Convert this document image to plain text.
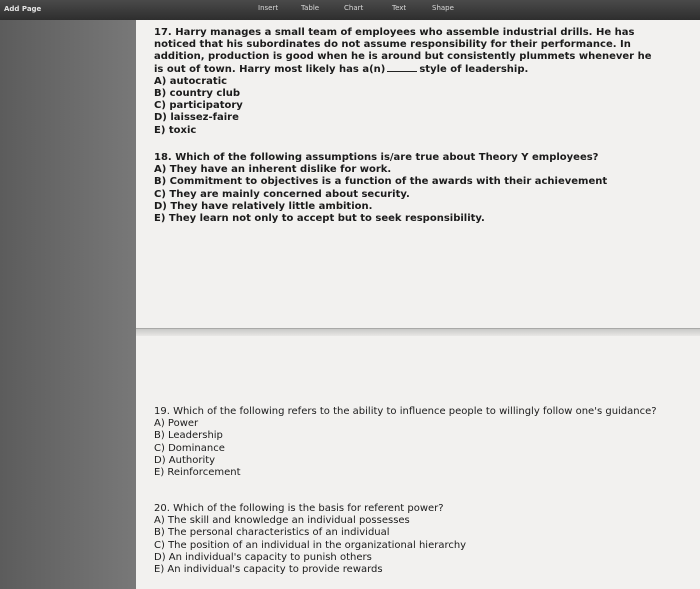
Add Page	Insert	Table	Chart	Text	Shape
17. Harry manages a small team of employees who assemble industrial drills. He has noticed that his subordinates do not assume responsibility for their performance. In addition, production is good when he is around but consistently plummets whenever he is out of town. Harry most likely has a(n)	style of leadership.
A) autocratic
B) country club
C) participatory
D) laissez-faire
E) toxic
18. Which of the following assumptions is/are true about Theory Y employees?
A) They have an inherent dislike for work.
B) Commitment to objectives is a function of the awards with their achievement
C) They are mainly concerned about security.
D) They have relatively little ambition.
E) They learn not only to accept but to seek responsibility.
19. Which of the following refers to the ability to influence people to willingly follow one's guidance?
A) Power
B) Leadership
C) Dominance
D) Authority
E) Reinforcement
20. Which of the following is the basis for referent power?
A) The skill and knowledge an individual possesses
B) The personal characteristics of an individual
C) The position of an individual in the organizational hierarchy
D) An individual's capacity to punish others
E) An individual's capacity to provide rewards
